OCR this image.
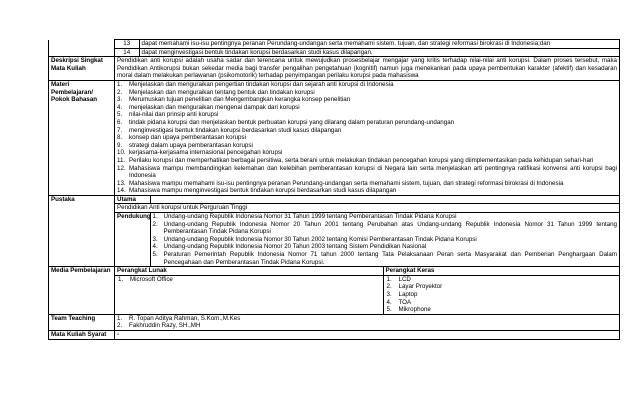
13	dapat memahami isu-isu pentingnya peranan Perundang-undangan serta memahami sistem, tujuan, dan strategi reformasi birokrasi di Indonesia;dan
14	dapat menginvestigasi bentuk tindakan korupsi berdasarkan studi kasus dilapangan.

Deskripsi Singkat Mata Kuliah	Pendidikan anti korupsi adalah usaha sadar dan terencana untuk mewujudkan prosesbelajar mengajar yang kritis terhadap nilai-nilai anti korupsi. Dalam proses tersebut, maka Pendidikan Antikorupsi bukan sekedar media bagi transfer pengalihan pengetahuan (kognitif) namun juga menekankan pada upaya pembentukan karakter (afektif) dan kesadaran moral dalam melakukan perlawanan (psikomotorik) terhadap penyimpangan perilaku korupsi pada mahasiswa
Materi Pembelajaran/ Pokok Bahasan	
1.	Menjelaskan dan menguraikan pengertian tindakan korupsi dan sejarah anti korupsi di Indonesia
2.	Menjelaskan dan menguraikan tentang bentuk dan tindakan korupsi
3.	Merumuskan tujuan penelitian dan Mengembangkan kerangka konsep penelitian
4.	menjelaskan dan menguraikan mengenai dampak dari korupsi
5.	nilai-nilai dan prinsip anti korupsi
6.	tindak pidana korupsi dan menjelaskan bentuk perbuatan korupsi yang dilarang dalam peraturan perundang-undangan
7.	menginvestigasi bentuk tindakan korupsi berdasarkan studi kasus dilapangan
8.	konsep dan upaya pemberantasan korupsi
9.	strategi dalam upaya pemberantasan korupsi
10. kerjasama-kerjasama internasional pencegahan korupsi
11. Perilaku korupsi dan memperhatikan berbagai persitiwa, serta berani untuk melakukan tindakan pencegahan korupsi yang diimplementasikan pada kehidupan sehari-hari
12. Mahasiswa mampu membandingkan kelemahan dan kelebihan pemberantasan korupsi di Negara lain serta menjelaskan arti pentingnya ratifikasi konvensi anti korupsi bagi Indonesia
13. Mahasiswa mampu memahami isu-isu pentingnya peranan Perundang-undangan serta memahami sistem, tujuan, dan strategi reformasi birokrasi di Indonesia
14. Mahasiswa mampu menginvestigasi bentuk tindakan korupsi berdasarkan studi kasus dilapangan

Pustaka		Utama	
Pendidikan Anti korupsi untuk Perguruan Tinggi
Pendukung	1. Undang-undang Republik Indonesia Nomor 31 Tahun 1999 tentang Pemberantasan Tindak Pidana Korupsi
2. Undang-undang Republik Indonesia Nomor 20 Tahun 2001 tentang Perubahan atas Undang-undang Republik Indonesia Nomor 31 Tahun 1999 tentang Pemberantasan Tindak Pidana Korupsi
3. Undang-undang Republik Indonesia Nomor 30 Tahun 2002 tentang Komisi Pemberantasan Tindak Pidana Korupsi
4. Undang-undang Republik Indonesia Nomor 20 Tahun 2003 tentang Sistem Pendidikan Nasional
5. Peraturan Pemerintah Republik Indonesia Nomor 71 tahun 2000 tentang Tata Pelaksanaan Peran serta Masyarakat dan Pemberian Penghargaan Dalam Pencegahaan dan Pemberantasan Tindak Pidana Korupsi.

Media Pembelajaran	Perangkat Lunak	Perangkat Keras

1.	Microsoft Office	1.	LCD
2.	Layar Proyektor
3.	Laptop
4.	TOA
5.	Mikrophone

Team Teaching	1.	R. Topan Aditya Rahman, S.Kom.,M.Kes
2.	Fakhruddin Razy, SH.,MH

Mata Kuliah Syarat	-
